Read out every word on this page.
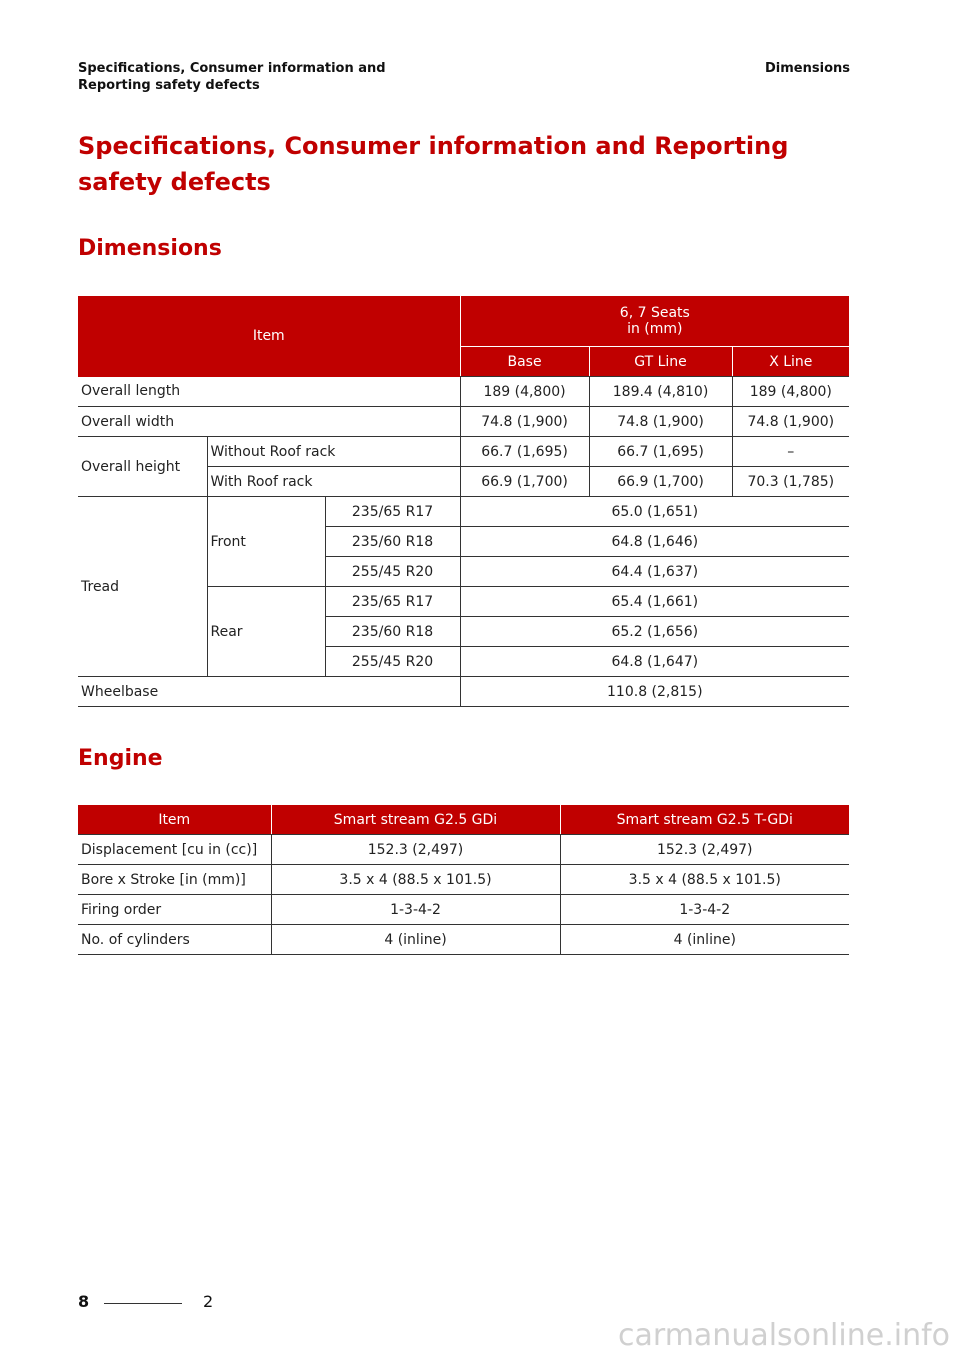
Specifications, Consumer information and
Reporting safety defects
Dimensions
Specifications, Consumer information and Reporting safety defects
Dimensions
Item			6, 7 Seats
in (mm)		

			Base	GT Line	X Line
Overall length			189 (4,800)	189.4 (4,810)	189 (4,800)
Overall width			74.8 (1,900)	74.8 (1,900)	74.8 (1,900)
Overall height	Without Roof rack		66.7 (1,695)	66.7 (1,695)	–
	With Roof rack		66.9 (1,700)	66.9 (1,700)	70.3 (1,785)
Tread	Front	235/65 R17	65.0 (1,651)		
		235/60 R18	64.8 (1,646)		
		255/45 R20	64.4 (1,637)		
	Rear	235/65 R17	65.4 (1,661)		
		235/60 R18	65.2 (1,656)		
		255/45 R20	64.8 (1,647)		
Wheelbase			110.8 (2,815)		
Engine
Item	Smart stream G2.5 GDi	Smart stream G2.5 T-GDi
Displacement [cu in (cc)]	152.3 (2,497)	152.3 (2,497)
Bore x Stroke [in (mm)]	3.5 x 4 (88.5 x 101.5)	3.5 x 4 (88.5 x 101.5)
Firing order	1-3-4-2	1-3-4-2
No. of cylinders	4 (inline)	4 (inline)
8	2
carmanualsonline.info
